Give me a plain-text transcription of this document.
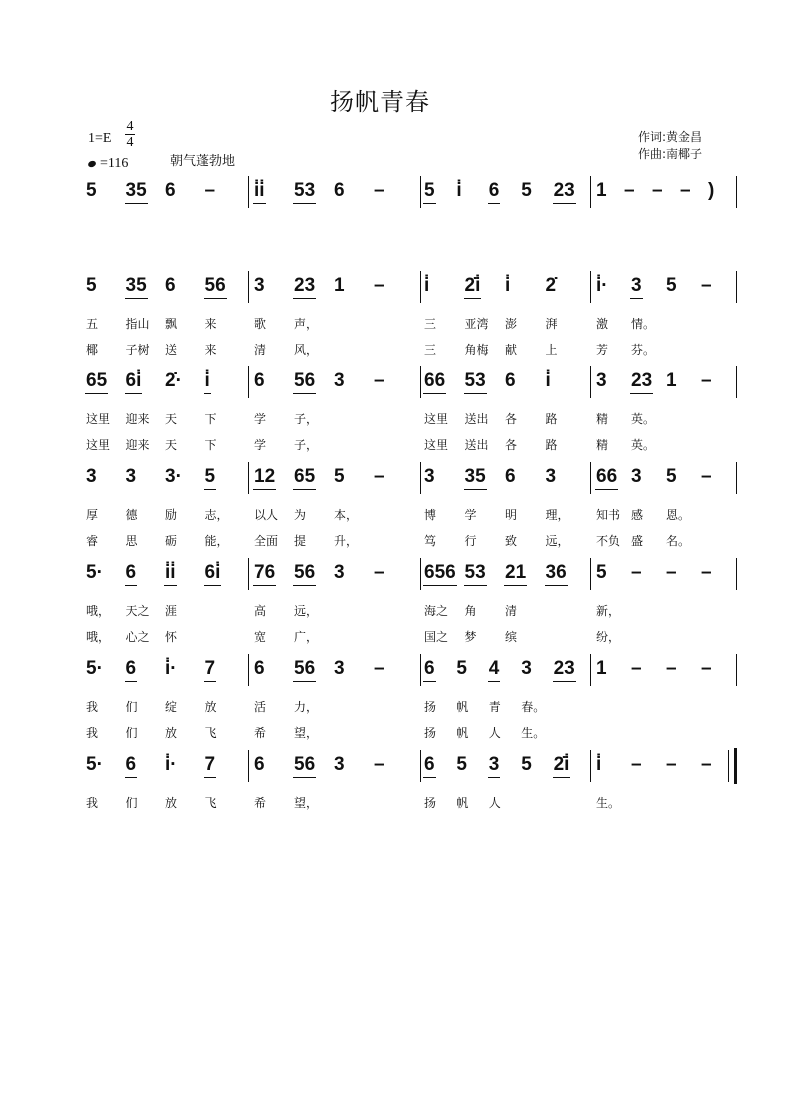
扬帆青春
$1=E \frac{4}{4}$
=116	朝气蓬勃地
作词:黄金昌
作曲:南椰子
5 35 6 – i̇i̇ 53 6 – 5 i̇ 6 5 23 1 – – – )
5 35 6 56
五 指山 飘 来
椰 子树 送 来
3 23 1 –
歌 声，
清 风，
i̇ 2̇i̇ i̇ 2̇
三 亚湾 澎 湃
三 角梅 献 上
i̇· 3 5 –
激 情。
芳 芬。
65 6i̇ 2̇· i̇
这里 迎来 天 下
这里 迎来 天 下
6 56 3 –
学 子，
学 子，
66 53 6 i̇
这里 送出 各 路
这里 送出 各 路
3 23 1 –
精 英。
精 英。
3 3 3· 5
厚 德 励 志，
睿 思 砺 能，
12 65 5 –
以人 为 本，
全面 提 升，
3 35 6 3
博 学 明 理，
笃 行 致 远，
66 3 5 –
知书 感 恩。
不负 盛 名。
5· 6 i̇i̇ 6i̇
哦， 天之 涯
哦， 心之 怀
76 56 3 –
高 远，
宽 广，
656 53 21 36
海之 角 清
国之 梦 缤
5 – – –
新，
纷，
5· 6 i̇· 7
我 们 绽 放
我 们 放 飞
6 56 3 –
活 力，
希 望，
6 5 4 3 23
扬 帆 青 春。
扬 帆 人 生。
1 – – –
5· 6 i̇· 7
我 们 放 飞
6 56 3 –
希 望，
6 5 3 5 2̇i̇
扬 帆 人
i̇ – – –
生。
